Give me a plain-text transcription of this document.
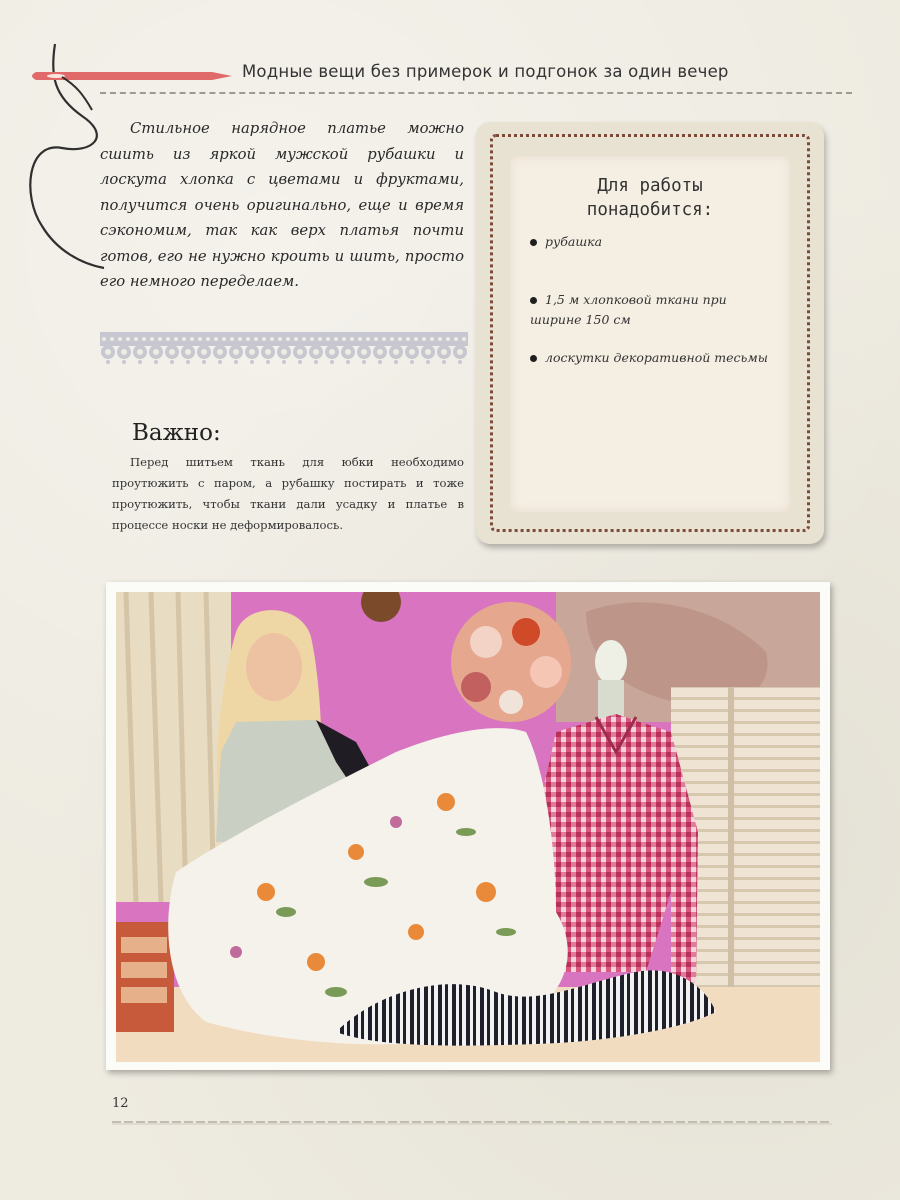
Модные вещи без примерок и подгонок за один вечер

Стильное нарядное платье можно сшить из яркой мужской рубашки и лоскута хлопка с цветами и фруктами, получится очень оригинально, еще и время сэкономим, так как верх платья почти готов, его не нужно кроить и шить, просто его немного переделаем.

Важно:

Перед шитьем ткань для юбки необходимо проутюжить с паром, а рубашку постирать и тоже проутюжить, чтобы ткани дали усадку и платье в процессе носки не деформировалось.

Для работы
понадобится:
рубашка
1,5 м хлопковой ткани при ширине 150 см
лоскутки декоративной тесьмы
12
